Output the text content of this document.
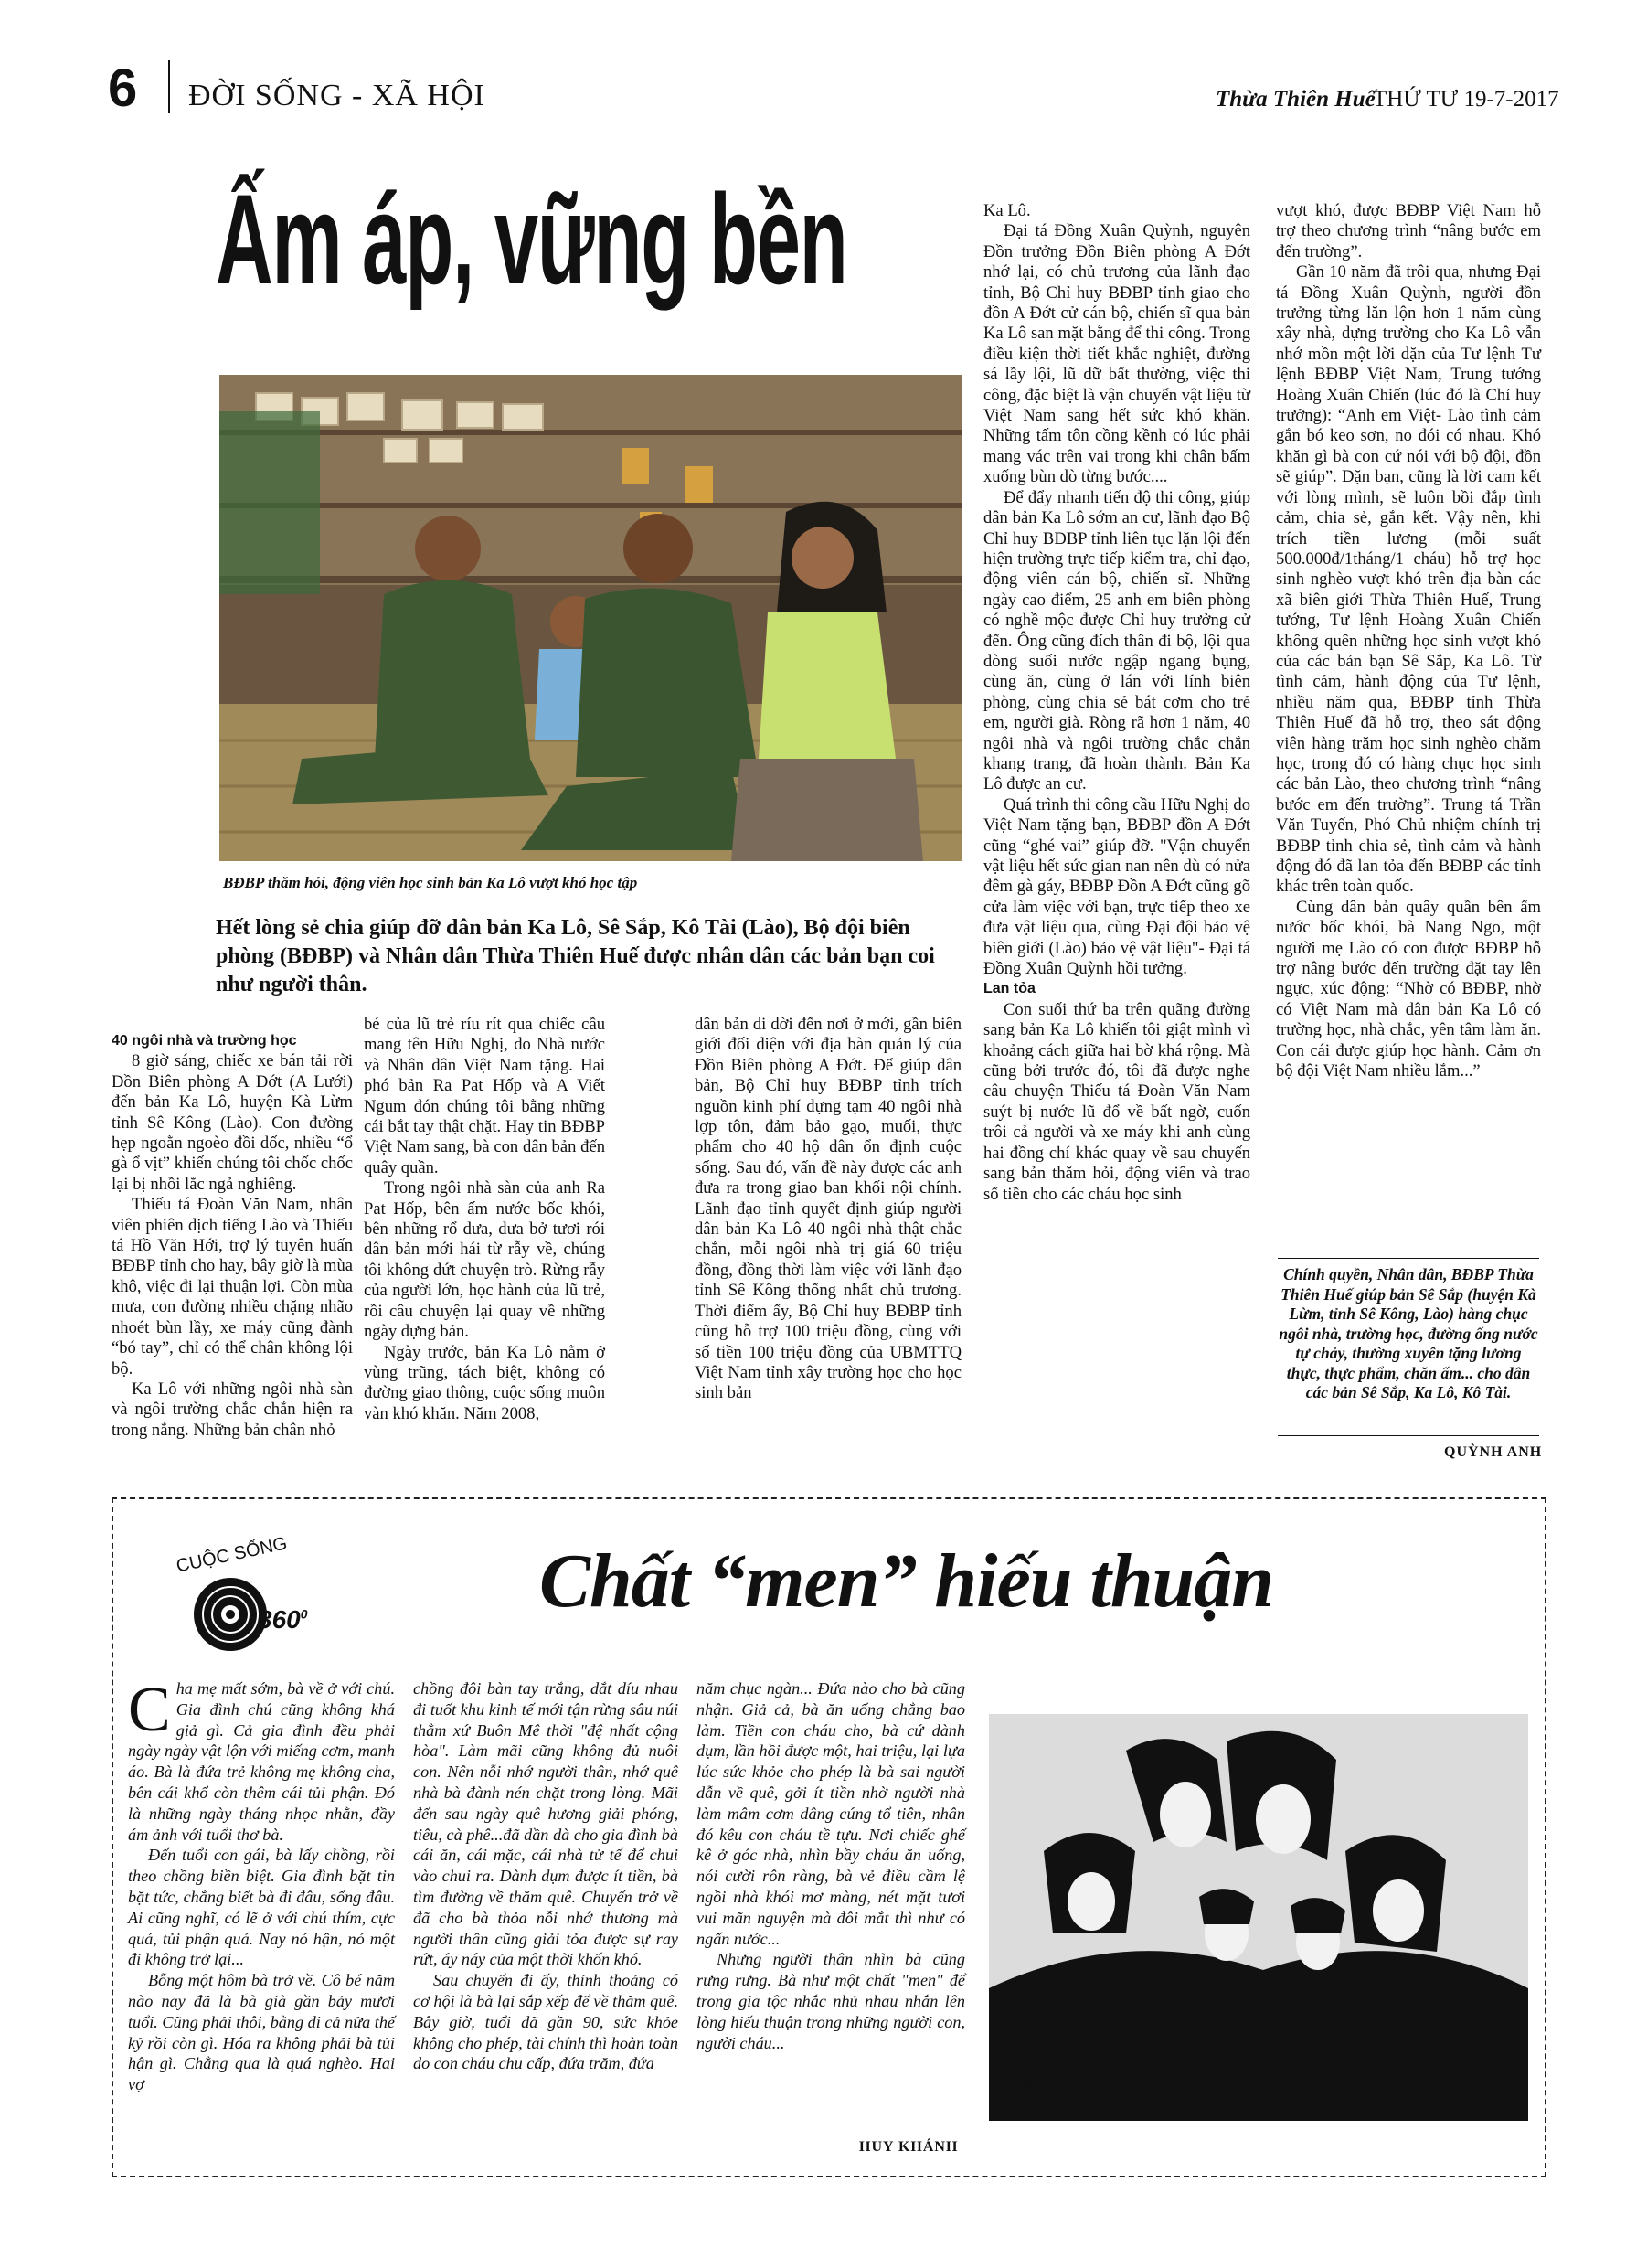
6 ĐỜI SỐNG - XÃ HỘI	Thừa Thiên Huế
THỨ TƯ 19-7-2017
Ấm áp, vững bền
BĐBP thăm hỏi, động viên học sinh bản Ka Lô vượt khó học tập
Hết lòng sẻ chia giúp đỡ dân bản Ka Lô, Sê Sắp, Kô Tài (Lào), Bộ đội biên phòng (BĐBP) và Nhân dân Thừa Thiên Huế được nhân dân các bản bạn coi như người thân.

40 ngôi nhà và trường học

8 giờ sáng, chiếc xe bán tải rời Đồn Biên phòng A Đớt (A Lưới) đến bản Ka Lô, huyện Kà Lừm tỉnh Sê Kông (Lào). Con đường hẹp ngoằn ngoèo đồi dốc, nhiều “ổ gà ổ vịt” khiến chúng tôi chốc chốc lại bị nhồi lắc ngả nghiêng.

Thiếu tá Đoàn Văn Nam, nhân viên phiên dịch tiếng Lào và Thiếu tá Hồ Văn Hới, trợ lý tuyên huấn BĐBP tỉnh cho hay, bây giờ là mùa khô, việc đi lại thuận lợi. Còn mùa mưa, con đường nhiều chặng nhão nhoét bùn lầy, xe máy cũng đành “bó tay”, chỉ có thể chân không lội bộ.

Ka Lô với những ngôi nhà sàn và ngôi trường chắc chắn hiện ra trong nắng. Những bản chân nhỏ

bé của lũ trẻ ríu rít qua chiếc cầu mang tên Hữu Nghị, do Nhà nước và Nhân dân Việt Nam tặng. Hai phó bản Ra Pat Hốp và A Viết Ngum đón chúng tôi bằng những cái bắt tay thật chặt. Hay tin BĐBP Việt Nam sang, bà con dân bản đến quây quần.

Trong ngôi nhà sàn của anh Ra Pat Hốp, bên ấm nước bốc khói, bên những rổ dưa, dưa bở tươi rói dân bản mới hái từ rẫy về, chúng tôi không dứt chuyện trò. Rừng rẫy của người lớn, học hành của lũ trẻ, rồi câu chuyện lại quay về những ngày dựng bản.

Ngày trước, bản Ka Lô nằm ở vùng trũng, tách biệt, không có đường giao thông, cuộc sống muôn vàn khó khăn. Năm 2008,

dân bản di dời đến nơi ở mới, gần biên giới đối diện với địa bàn quản lý của Đồn Biên phòng A Đớt. Để giúp dân bản, Bộ Chỉ huy BĐBP tỉnh trích nguồn kinh phí dựng tạm 40 ngôi nhà lợp tôn, đảm bảo gạo, muối, thực phẩm cho 40 hộ dân ổn định cuộc sống. Sau đó, vấn đề này được các anh đưa ra trong giao ban khối nội chính. Lãnh đạo tỉnh quyết định giúp người dân bản Ka Lô 40 ngôi nhà thật chắc chắn, mỗi ngôi nhà trị giá 60 triệu đồng, đồng thời làm việc với lãnh đạo tỉnh Sê Kông thống nhất chủ trương. Thời điểm ấy, Bộ Chỉ huy BĐBP tỉnh cũng hỗ trợ 100 triệu đồng, cùng với số tiền 100 triệu đồng của UBMTTQ Việt Nam tỉnh xây trường học cho học sinh bản

Ka Lô.

Đại tá Đồng Xuân Quỳnh, nguyên Đồn trưởng Đồn Biên phòng A Đớt nhớ lại, có chủ trương của lãnh đạo tỉnh, Bộ Chỉ huy BĐBP tỉnh giao cho đồn A Đớt cử cán bộ, chiến sĩ qua bản Ka Lô san mặt bằng để thi công. Trong điều kiện thời tiết khắc nghiệt, đường sá lầy lội, lũ dữ bất thường, việc thi công, đặc biệt là vận chuyển vật liệu từ Việt Nam sang hết sức khó khăn. Những tấm tôn cồng kềnh có lúc phải mang vác trên vai trong khi chân bấm xuống bùn dò từng bước....

Để đẩy nhanh tiến độ thi công, giúp dân bản Ka Lô sớm an cư, lãnh đạo Bộ Chỉ huy BĐBP tỉnh liên tục lặn lội đến hiện trường trực tiếp kiểm tra, chỉ đạo, động viên cán bộ, chiến sĩ. Những ngày cao điểm, 25 anh em biên phòng có nghề mộc được Chỉ huy trưởng cử đến. Ông cũng đích thân đi bộ, lội qua dòng suối nước ngập ngang bụng, cùng ăn, cùng ở lán với lính biên phòng, cùng chia sẻ bát cơm cho trẻ em, người già. Ròng rã hơn 1 năm, 40 ngôi nhà và ngôi trường chắc chắn khang trang, đã hoàn thành. Bản Ka Lô được an cư.

Quá trình thi công cầu Hữu Nghị do Việt Nam tặng bạn, BĐBP đồn A Đớt cũng “ghé vai” giúp đỡ. "Vận chuyển vật liệu hết sức gian nan nên dù có nửa đêm gà gáy, BĐBP Đồn A Đớt cũng gõ cửa làm việc với bạn, trực tiếp theo xe đưa vật liệu qua, cùng Đại đội bảo vệ biên giới (Lào) bảo vệ vật liệu"- Đại tá Đồng Xuân Quỳnh hồi tưởng.

Lan tỏa

Con suối thứ ba trên quãng đường sang bản Ka Lô khiến tôi giật mình vì khoảng cách giữa hai bờ khá rộng. Mà cũng bởi trước đó, tôi đã được nghe câu chuyện Thiếu tá Đoàn Văn Nam suýt bị nước lũ đổ về bất ngờ, cuốn trôi cả người và xe máy khi anh cùng hai đồng chí khác quay về sau chuyến sang bản thăm hỏi, động viên và trao số tiền cho các cháu học sinh

vượt khó, được BĐBP Việt Nam hỗ trợ theo chương trình “nâng bước em đến trường”.

Gần 10 năm đã trôi qua, nhưng Đại tá Đồng Xuân Quỳnh, người đồn trưởng từng lăn lộn hơn 1 năm cùng xây nhà, dựng trường cho Ka Lô vẫn nhớ mồn một lời dặn của Tư lệnh Tư lệnh BĐBP Việt Nam, Trung tướng Hoàng Xuân Chiến (lúc đó là Chỉ huy trưởng): “Anh em Việt- Lào tình cảm gắn bó keo sơn, no đói có nhau. Khó khăn gì bà con cứ nói với bộ đội, đồn sẽ giúp”. Dặn bạn, cũng là lời cam kết với lòng mình, sẽ luôn bồi đắp tình cảm, chia sẻ, gắn kết. Vậy nên, khi trích tiền lương (mỗi suất 500.000đ/1tháng/1 cháu) hỗ trợ học sinh nghèo vượt khó trên địa bàn các xã biên giới Thừa Thiên Huế, Trung tướng, Tư lệnh Hoàng Xuân Chiến không quên những học sinh vượt khó của các bản bạn Sê Sắp, Ka Lô. Từ tình cảm, hành động của Tư lệnh, nhiều năm qua, BĐBP tỉnh Thừa Thiên Huế đã hỗ trợ, theo sát động viên hàng trăm học sinh nghèo chăm học, trong đó có hàng chục học sinh các bản Lào, theo chương trình “nâng bước em đến trường”. Trung tá Trần Văn Tuyến, Phó Chủ nhiệm chính trị BĐBP tỉnh chia sẻ, tình cảm và hành động đó đã lan tỏa đến BĐBP các tỉnh khác trên toàn quốc.

Cùng dân bản quây quần bên ấm nước bốc khói, bà Nang Ngo, một người mẹ Lào có con được BĐBP hỗ trợ nâng bước đến trường đặt tay lên ngực, xúc động: “Nhờ có BĐBP, nhờ có Việt Nam mà dân bản Ka Lô có trường học, nhà chắc, yên tâm làm ăn. Con cái được giúp học hành. Cảm ơn bộ đội Việt Nam nhiều lắm...”

Chính quyền, Nhân dân, BĐBP Thừa Thiên Huế giúp bản Sê Sắp (huyện Kà Lừm, tỉnh Sê Kông, Lào) hàng chục ngôi nhà, trường học, đường ống nước tự chảy, thường xuyên tặng lương thực, thực phẩm, chăn ấm... cho dân các bản Sê Sắp, Ka Lô, Kô Tài.
QUỲNH ANH
CUỘC SỐNG
$360^0$	Chất “men” hiếu thuận

Cha mẹ mất sớm, bà về ở với chú. Gia đình chú cũng không khá giả gì. Cả gia đình đều phải ngày ngày vật lộn với miếng cơm, manh áo. Bà là đứa trẻ không mẹ không cha, bên cái khổ còn thêm cái tủi phận. Đó là những ngày tháng nhọc nhằn, đầy ám ảnh với tuổi thơ bà.

Đến tuổi con gái, bà lấy chồng, rồi theo chồng biền biệt. Gia đình bặt tin bặt tức, chẳng biết bà đi đâu, sống đâu. Ai cũng nghĩ, có lẽ ở với chú thím, cực quá, tủi phận quá. Nay nó hận, nó một đi không trở lại...

Bỗng một hôm bà trở về. Cô bé năm nào nay đã là bà già gần bảy mươi tuổi. Cũng phải thôi, bằng đi cả nửa thế kỷ rồi còn gì. Hóa ra không phải bà tủi hận gì. Chẳng qua là quá nghèo. Hai vợ

chồng đôi bàn tay trắng, dắt díu nhau đi tuốt khu kinh tế mới tận rừng sâu núi thẳm xứ Buôn Mê thời "đệ nhất cộng hòa". Làm mãi cũng không đủ nuôi con. Nên nỗi nhớ người thân, nhớ quê nhà bà đành nén chặt trong lòng. Mãi đến sau ngày quê hương giải phóng, tiêu, cà phê...đã dần dà cho gia đình bà cái ăn, cái mặc, cái nhà tử tế để chui vào chui ra. Dành dụm được ít tiền, bà tìm đường về thăm quê. Chuyến trở về đã cho bà thỏa nỗi nhớ thương mà người thân cũng giải tỏa được sự ray rứt, áy náy của một thời khốn khó.

Sau chuyến đi ấy, thỉnh thoảng có cơ hội là bà lại sắp xếp để về thăm quê. Bây giờ, tuổi đã gần 90, sức khỏe không cho phép, tài chính thì hoàn toàn do con cháu chu cấp, đứa trăm, đứa

năm chục ngàn... Đứa nào cho bà cũng nhận. Giả cả, bà ăn uống chẳng bao làm. Tiền con cháu cho, bà cứ dành dụm, lần hồi được một, hai triệu, lại lựa lúc sức khỏe cho phép là bà sai người dẫn về quê, gởi ít tiền nhờ người nhà làm mâm cơm dâng cúng tổ tiên, nhân đó kêu con cháu tề tựu. Nơi chiếc ghế kê ở góc nhà, nhìn bầy cháu ăn uống, nói cười rôn ràng, bà vẻ điều cầm lệ ngồi nhà khói mơ màng, nét mặt tươi vui mãn nguyện mà đôi mắt thì như có ngấn nước...

Nhưng người thân nhìn bà cũng rưng rưng. Bà như một chất "men" để trong gia tộc nhắc nhủ nhau nhắn lên lòng hiếu thuận trong những người con, người cháu...

HUY KHÁNH
2017
